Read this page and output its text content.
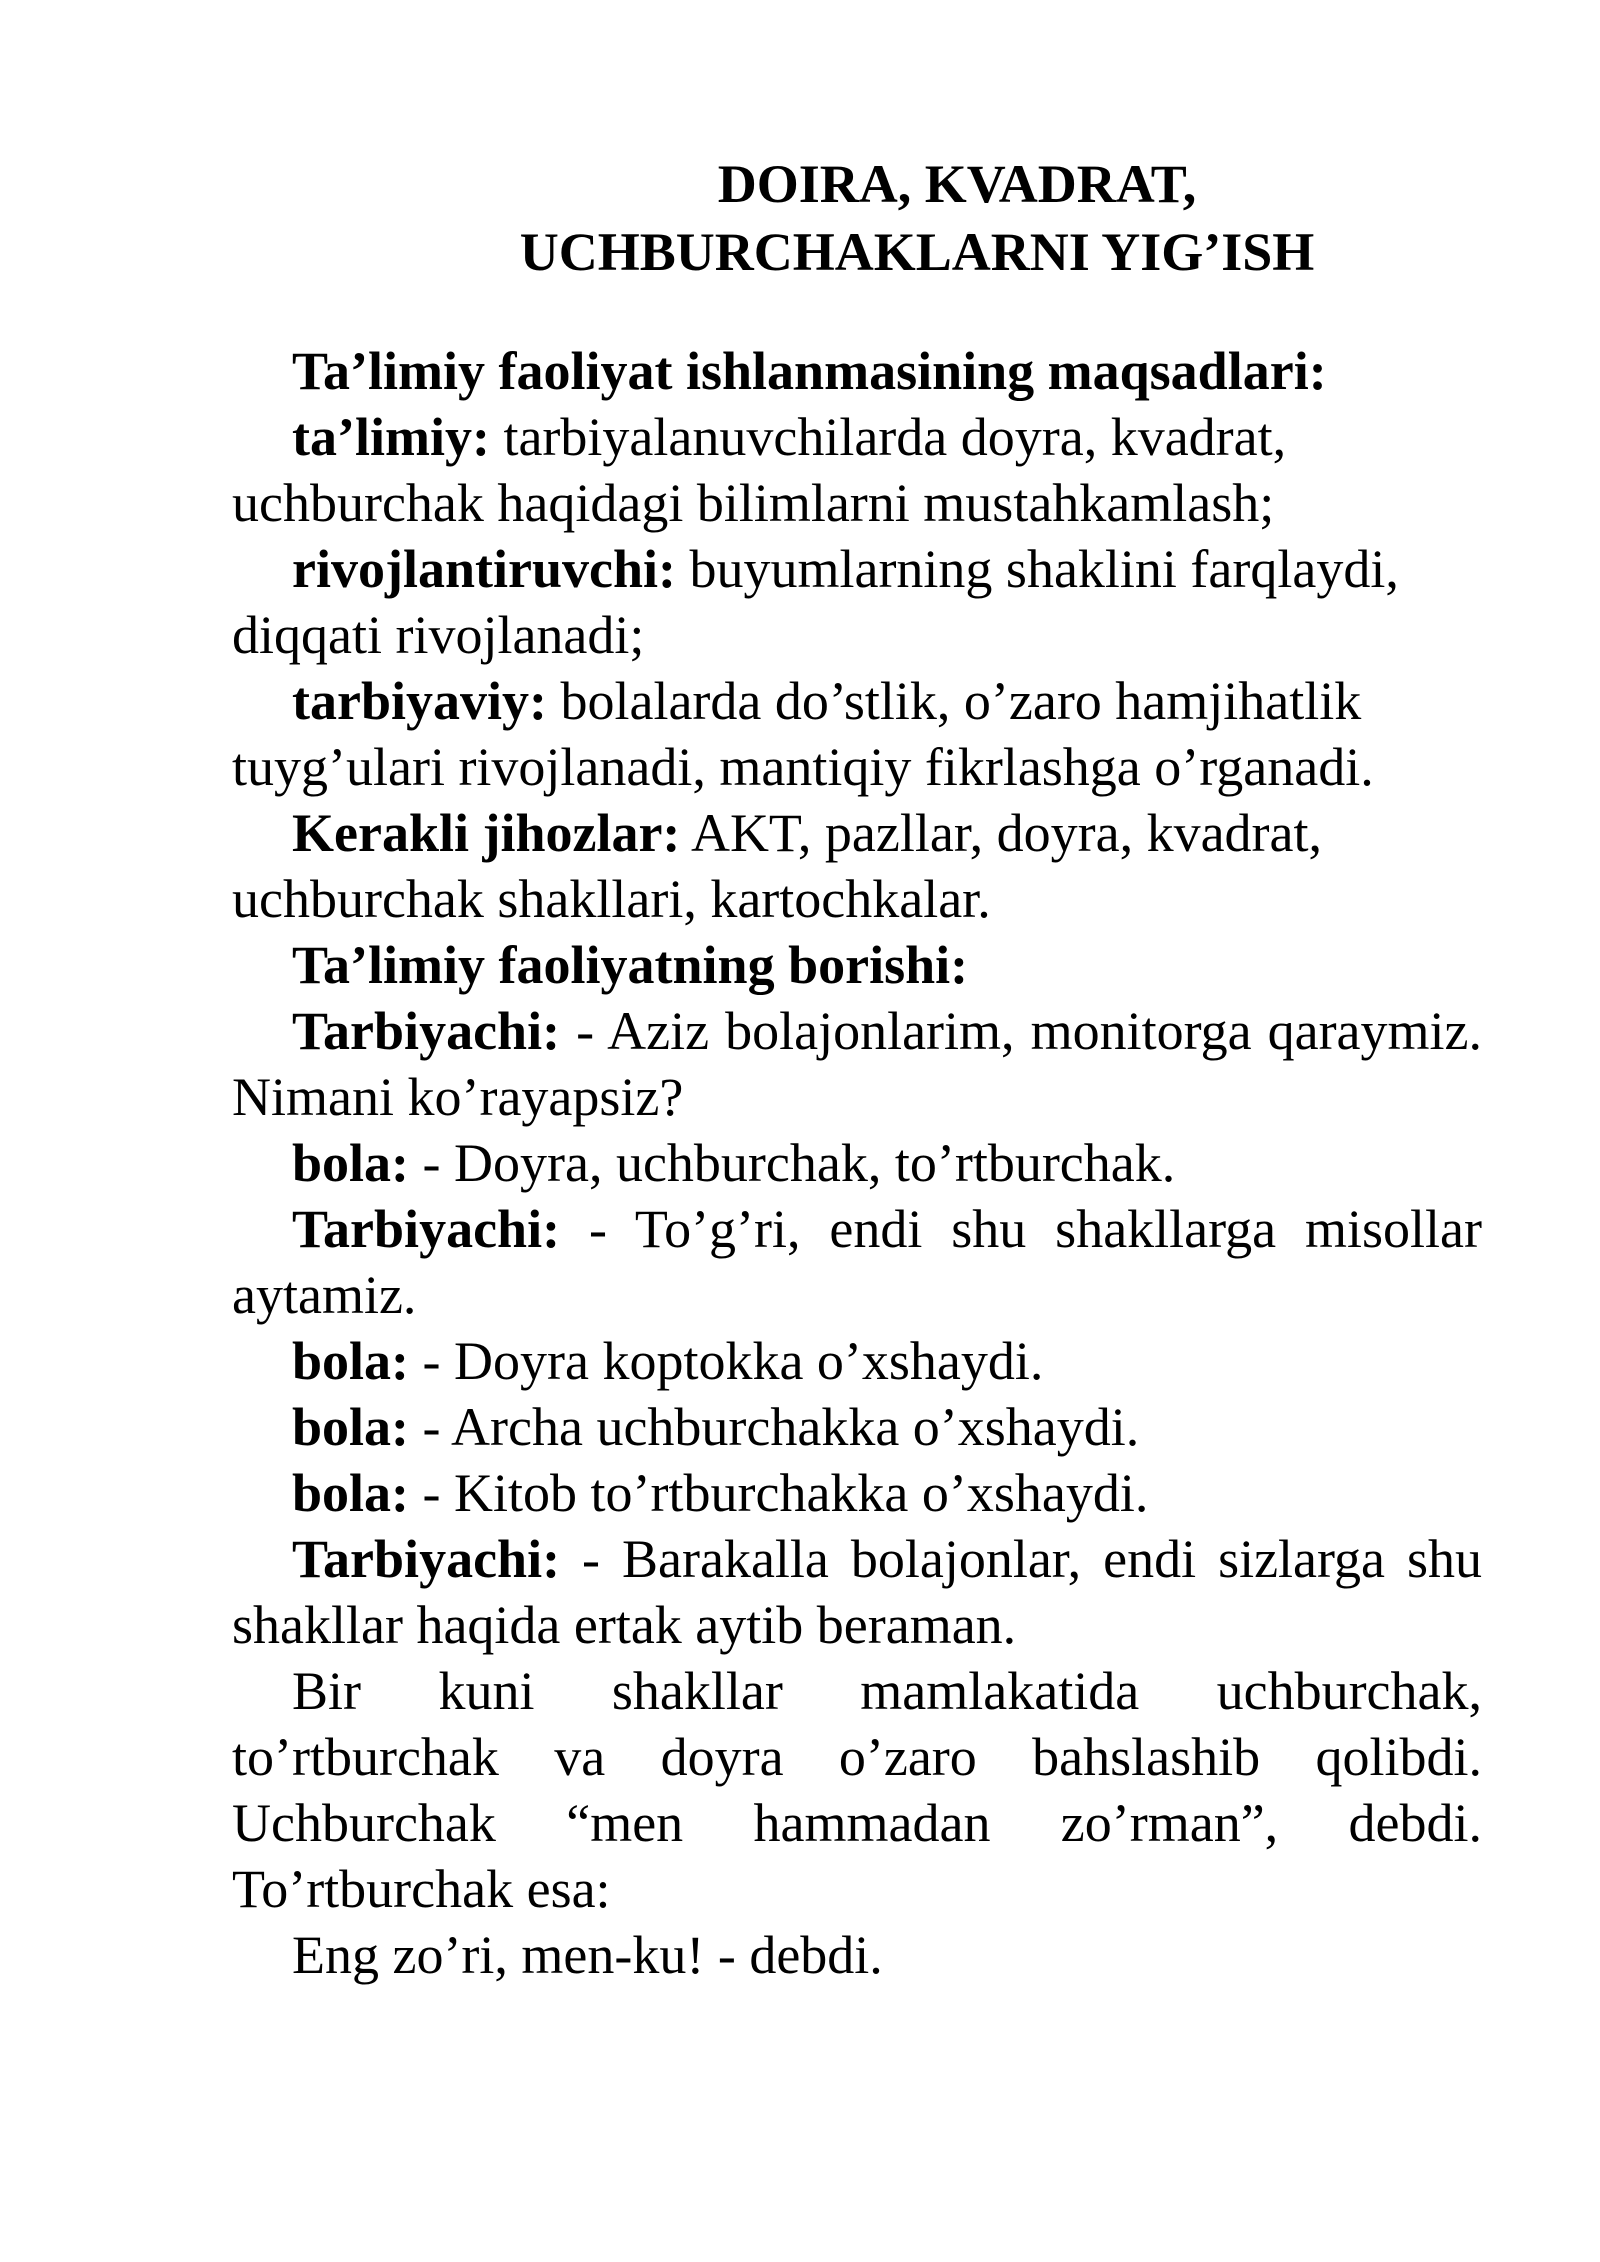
DOIRA, KVADRAT,
UCHBURCHAKLARNI YIG’ISH

Ta’limiy faoliyat ishlanmasining maqsadlari:

ta’limiy: tarbiyalanuvchilarda doyra, kvadrat, uchburchak haqidagi bilimlarni mustahkamlash;

rivojlantiruvchi: buyumlarning shaklini farqlaydi, diqqati rivojlanadi;

tarbiyaviy: bolalarda do’stlik, o’zaro hamjihatlik tuyg’ulari rivojlanadi, mantiqiy fikrlashga o’rganadi.

Kerakli jihozlar: AKT, pazllar, doyra, kvadrat, uchburchak shakllari, kartochkalar.

Ta’limiy faoliyatning borishi:

Tarbiyachi: - Aziz bolajonlarim, monitorga qaraymiz. Nimani ko’rayapsiz?

bola: - Doyra, uchburchak, to’rtburchak.

Tarbiyachi: - To’g’ri, endi shu shakllarga misollar aytamiz.

bola: - Doyra koptokka o’xshaydi.

bola: - Archa uchburchakka o’xshaydi.

bola: - Kitob to’rtburchakka o’xshaydi.

Tarbiyachi: - Barakalla bolajonlar, endi sizlarga shu shakllar haqida ertak aytib beraman.

Bir kuni shakllar mamlakatida uchburchak, to’rtburchak va doyra o’zaro bahslashib qolibdi. Uchburchak “men hammadan zo’rman”, debdi. To’rtburchak esa:

Eng zo’ri, men-ku! - debdi.
